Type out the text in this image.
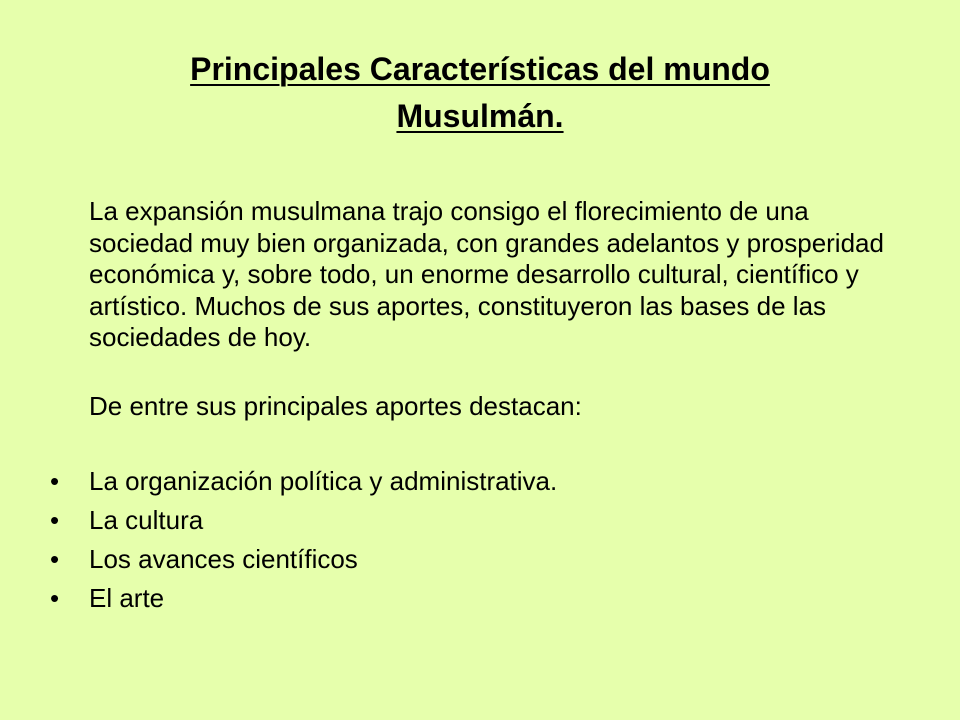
Principales Características del mundo
Musulmán.

La expansión musulmana trajo consigo el florecimiento de una sociedad muy bien organizada, con grandes adelantos y prosperidad económica y, sobre todo, un enorme desarrollo cultural, científico y artístico. Muchos de sus aportes, constituyeron las bases de las sociedades de hoy.

De entre sus principales aportes destacan:

•	La organización política y administrativa.
•	La cultura
•	Los avances científicos
•	El arte
